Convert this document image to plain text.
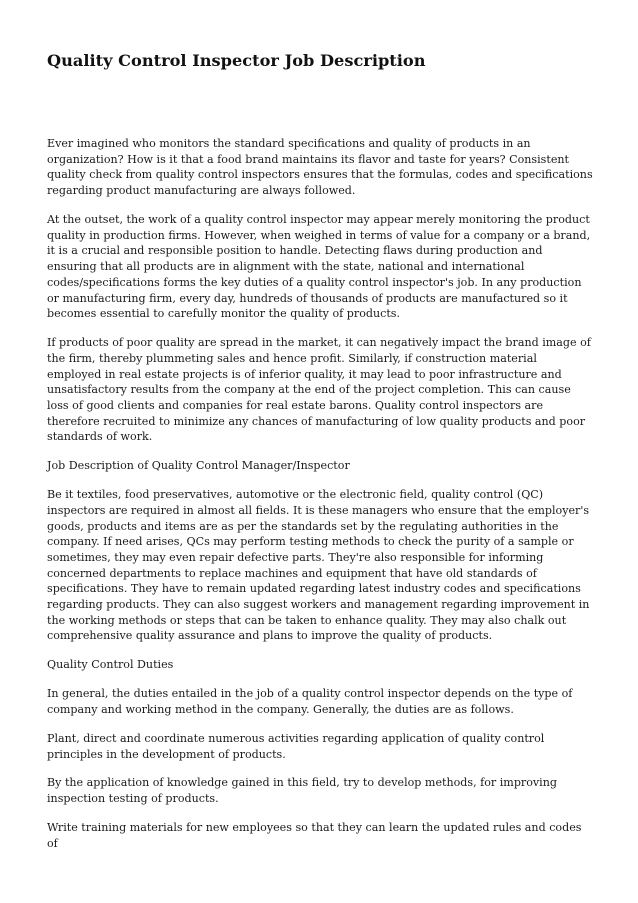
Quality Control Inspector Job Description

Ever imagined who monitors the standard specifications and quality of products in an organization? How is it that a food brand maintains its flavor and taste for years? Consistent quality check from quality control inspectors ensures that the formulas, codes and specifications regarding product manufacturing are always followed.

At the outset, the work of a quality control inspector may appear merely monitoring the product quality in production firms. However, when weighed in terms of value for a company or a brand, it is a crucial and responsible position to handle. Detecting flaws during production and ensuring that all products are in alignment with the state, national and international codes/specifications forms the key duties of a quality control inspector's job. In any production or manufacturing firm, every day, hundreds of thousands of products are manufactured so it becomes essential to carefully monitor the quality of products.

If products of poor quality are spread in the market, it can negatively impact the brand image of the firm, thereby plummeting sales and hence profit. Similarly, if construction material employed in real estate projects is of inferior quality, it may lead to poor infrastructure and unsatisfactory results from the company at the end of the project completion. This can cause loss of good clients and companies for real estate barons. Quality control inspectors are therefore recruited to minimize any chances of manufacturing of low quality products and poor standards of work.

Job Description of Quality Control Manager/Inspector

Be it textiles, food preservatives, automotive or the electronic field, quality control (QC) inspectors are required in almost all fields. It is these managers who ensure that the employer's goods, products and items are as per the standards set by the regulating authorities in the company. If need arises, QCs may perform testing methods to check the purity of a sample or sometimes, they may even repair defective parts. They're also responsible for informing concerned departments to replace machines and equipment that have old standards of specifications. They have to remain updated regarding latest industry codes and specifications regarding products. They can also suggest workers and management regarding improvement in the working methods or steps that can be taken to enhance quality. They may also chalk out comprehensive quality assurance and plans to improve the quality of products.

Quality Control Duties

In general, the duties entailed in the job of a quality control inspector depends on the type of company and working method in the company. Generally, the duties are as follows.

Plant, direct and coordinate numerous activities regarding application of quality control principles in the development of products.

By the application of knowledge gained in this field, try to develop methods, for improving inspection testing of products.

Write training materials for new employees so that they can learn the updated rules and codes of
